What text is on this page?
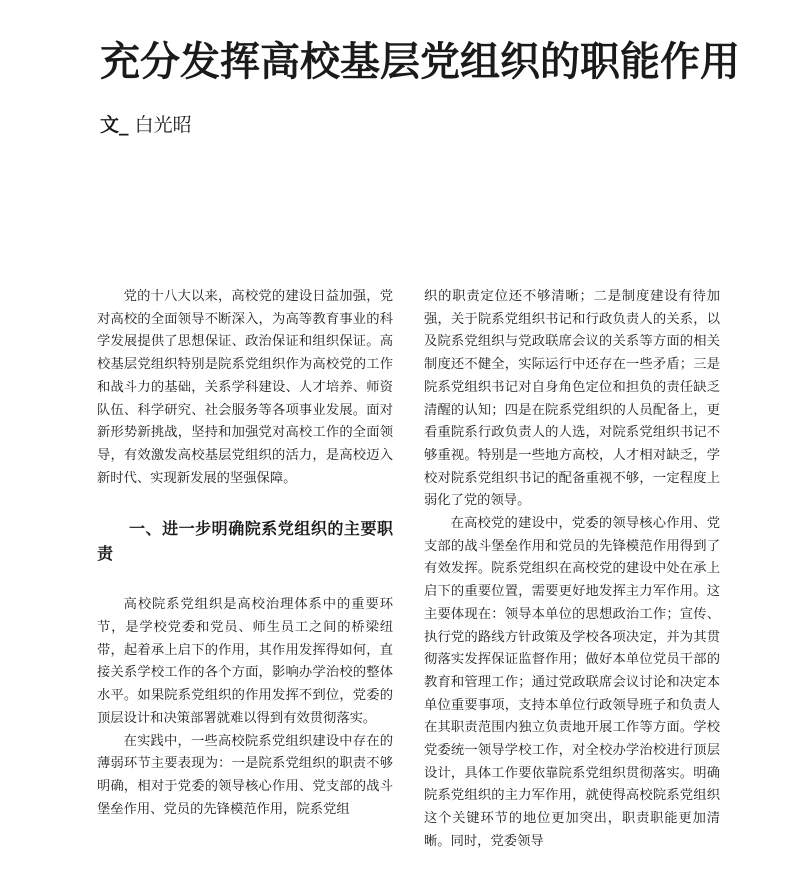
充分发挥高校基层党组织的职能作用
文_ 白光昭

党的十八大以来，高校党的建设日益加强，党对高校的全面领导不断深入，为高等教育事业的科学发展提供了思想保证、政治保证和组织保证。高校基层党组织特别是院系党组织作为高校党的工作和战斗力的基础，关系学科建设、人才培养、师资队伍、科学研究、社会服务等各项事业发展。面对新形势新挑战，坚持和加强党对高校工作的全面领导，有效激发高校基层党组织的活力，是高校迈入新时代、实现新发展的坚强保障。

一、进一步明确院系党组织的主要职责

高校院系党组织是高校治理体系中的重要环节，是学校党委和党员、师生员工之间的桥梁纽带，起着承上启下的作用，其作用发挥得如何，直接关系学校工作的各个方面，影响办学治校的整体水平。如果院系党组织的作用发挥不到位，党委的顶层设计和决策部署就难以得到有效贯彻落实。

在实践中，一些高校院系党组织建设中存在的薄弱环节主要表现为：一是院系党组织的职责不够明确，相对于党委的领导核心作用、党支部的战斗堡垒作用、党员的先锋模范作用，院系党组

织的职责定位还不够清晰；二是制度建设有待加强，关于院系党组织书记和行政负责人的关系，以及院系党组织与党政联席会议的关系等方面的相关制度还不健全，实际运行中还存在一些矛盾；三是院系党组织书记对自身角色定位和担负的责任缺乏清醒的认知；四是在院系党组织的人员配备上，更看重院系行政负责人的人选，对院系党组织书记不够重视。特别是一些地方高校，人才相对缺乏，学校对院系党组织书记的配备重视不够，一定程度上弱化了党的领导。

在高校党的建设中，党委的领导核心作用、党支部的战斗堡垒作用和党员的先锋模范作用得到了有效发挥。院系党组织在高校党的建设中处在承上启下的重要位置，需要更好地发挥主力军作用。这主要体现在：领导本单位的思想政治工作；宣传、执行党的路线方针政策及学校各项决定，并为其贯彻落实发挥保证监督作用；做好本单位党员干部的教育和管理工作；通过党政联席会议讨论和决定本单位重要事项，支持本单位行政领导班子和负责人在其职责范围内独立负责地开展工作等方面。学校党委统一领导学校工作，对全校办学治校进行顶层设计，具体工作要依靠院系党组织贯彻落实。明确院系党组织的主力军作用，就使得高校院系党组织这个关键环节的地位更加突出，职责职能更加清晰。同时，党委领导
